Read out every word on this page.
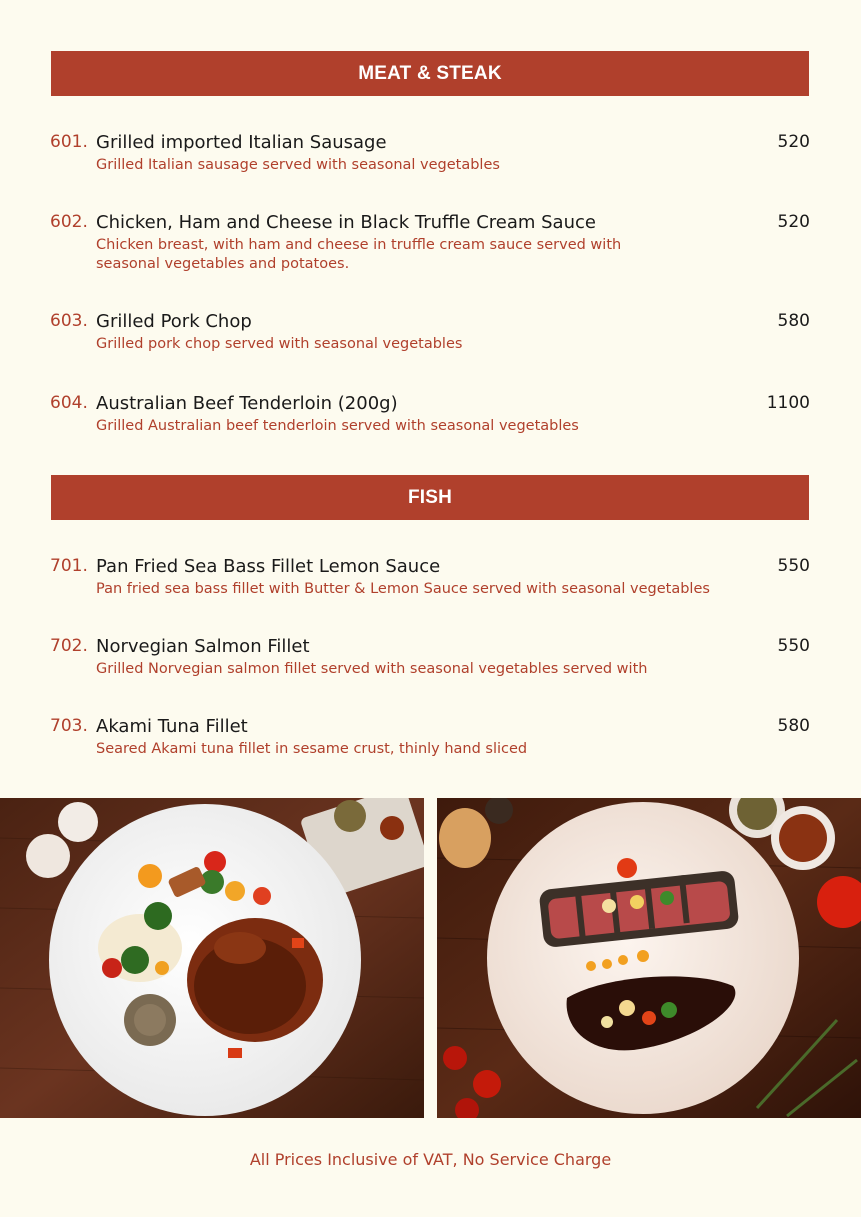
MEAT & STEAK
601. Grilled imported Italian Sausage	520
Grilled Italian sausage served with seasonal vegetables
602. Chicken, Ham and Cheese in Black Truffle Cream Sauce	520
Chicken breast, with ham and cheese in truffle cream sauce served with seasonal vegetables and potatoes.
603. Grilled Pork Chop	580
Grilled pork chop served with seasonal vegetables
604. Australian Beef Tenderloin (200g)	1100
Grilled Australian beef tenderloin served with seasonal vegetables
FISH
701. Pan Fried Sea Bass Fillet Lemon Sauce	550
Pan fried sea bass fillet with Butter & Lemon Sauce served with seasonal vegetables
702. Norvegian Salmon Fillet	550
Grilled Norvegian salmon fillet served with seasonal vegetables served with
703. Akami Tuna Fillet	580
Seared Akami tuna fillet in sesame crust, thinly hand sliced
All Prices Inclusive of VAT, No Service Charge
